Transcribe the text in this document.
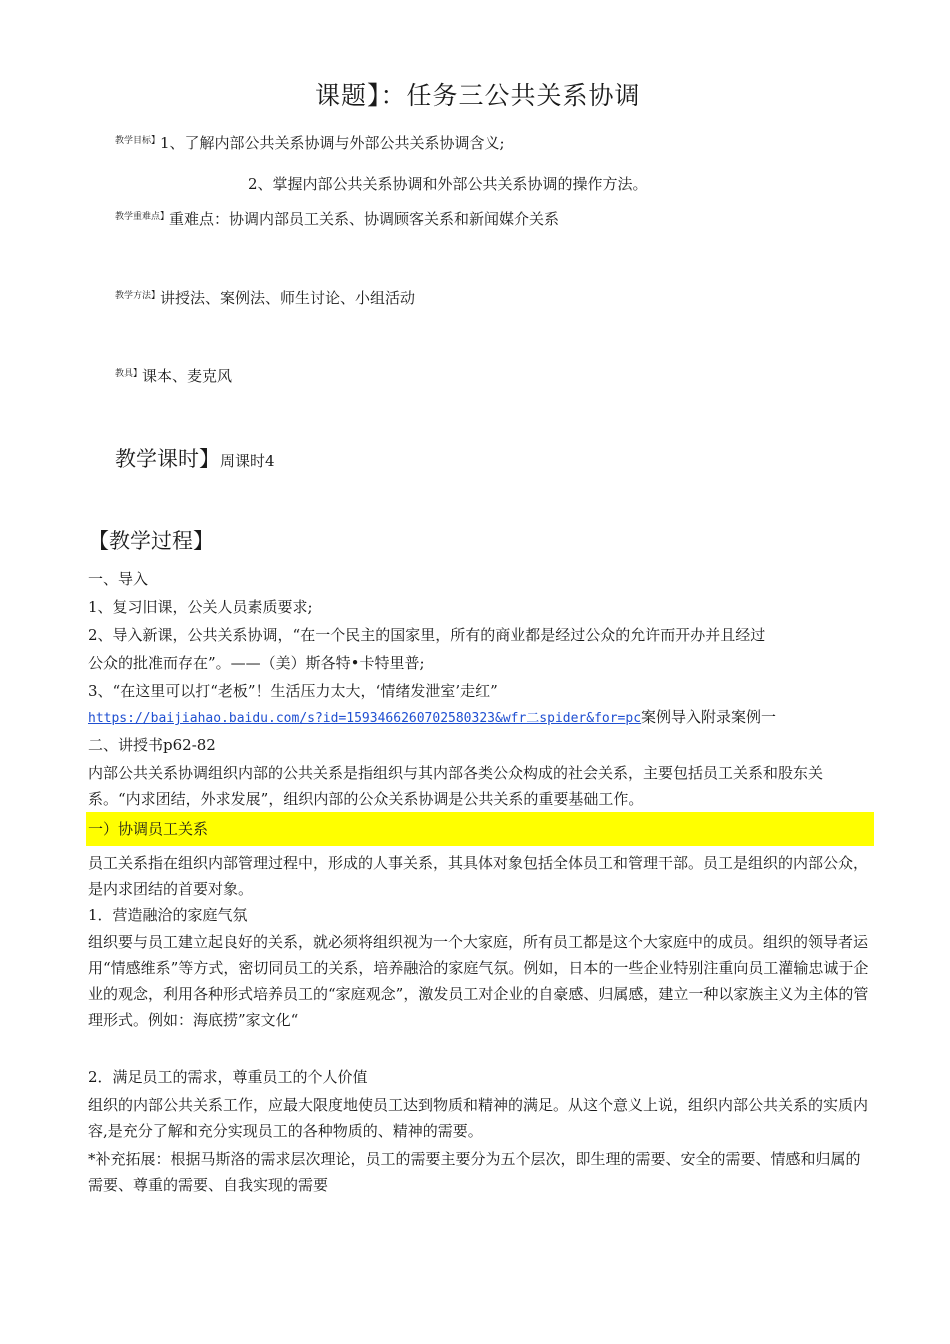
课题】：任务三公共关系协调
$^{教学目标】}$1、了解内部公共关系协调与外部公共关系协调含义;
2、掌握内部公共关系协调和外部公共关系协调的操作方法。
$^{教学重难点】}$重难点：协调内部员工关系、协调顾客关系和新闻媒介关系
$^{教学方法】}$讲授法、案例法、师生讨论、小组活动
$^{教具】}$课本、麦克风
教学课时】周课时4
【教学过程】
一、导入
1、复习旧课，公关人员素质要求;
2、导入新课，公共关系协调，“在一个民主的国家里，所有的商业都是经过公众的允许而开办并且经过
公众的批准而存在”。——（美）斯各特•卡特里普;
3、“在这里可以打“老板”！生活压力太大，‘情绪发泄室’走红”
https://baijiahao.baidu.com/s?id=1593466260702580323&wfr二spider&for=pc案例导入附录案例一
二、讲授书p62-82
内部公共关系协调组织内部的公共关系是指组织与其内部各类公众构成的社会关系，主要包括员工关系和股东关系。“内求团结，外求发展”，组织内部的公众关系协调是公共关系的重要基础工作。
一）协调员工关系
员工关系指在组织内部管理过程中，形成的人事关系，其具体对象包括全体员工和管理干部。员工是组织的内部公众，是内求团结的首要对象。
1．营造融洽的家庭气氛
组织要与员工建立起良好的关系，就必须将组织视为一个大家庭，所有员工都是这个大家庭中的成员。组织的领导者运用“情感维系”等方式，密切同员工的关系，培养融洽的家庭气氛。例如，日本的一些企业特别注重向员工灌输忠诚于企业的观念，利用各种形式培养员工的“家庭观念”，激发员工对企业的自豪感、归属感，建立一种以家族主义为主体的管理形式。例如：海底捞”家文化“
2．满足员工的需求，尊重员工的个人价值
组织的内部公共关系工作，应最大限度地使员工达到物质和精神的满足。从这个意义上说，组织内部公共关系的实质内容,是充分了解和充分实现员工的各种物质的、精神的需要。
*补充拓展：根据马斯洛的需求层次理论，员工的需要主要分为五个层次，即生理的需要、安全的需要、情感和归属的需要、尊重的需要、自我实现的需要
